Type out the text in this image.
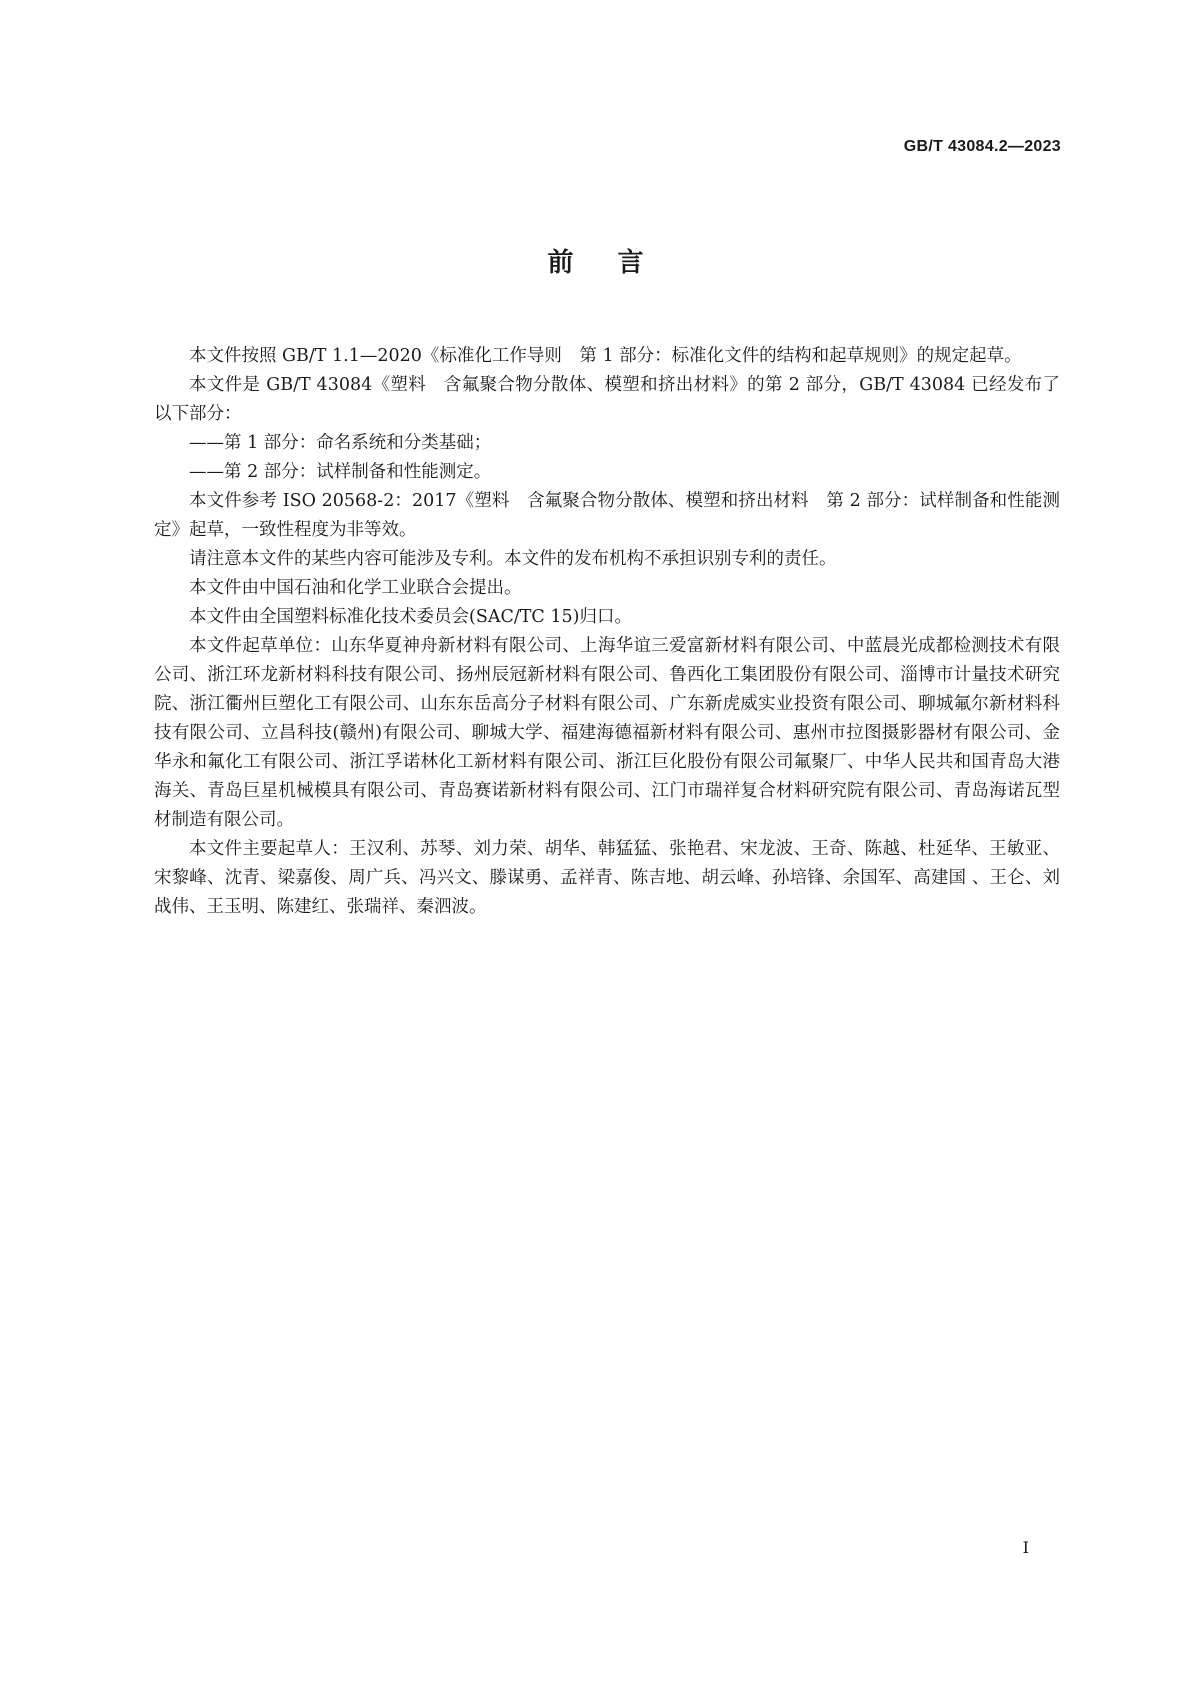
GB/T 43084.2—2023
前言

本文件按照 GB/T 1.1—2020《标准化工作导则　第 1 部分：标准化文件的结构和起草规则》的规定起草。

本文件是 GB/T 43084《塑料　含氟聚合物分散体、模塑和挤出材料》的第 2 部分，GB/T 43084 已经发布了以下部分：

——第 1 部分：命名系统和分类基础；

——第 2 部分：试样制备和性能测定。

本文件参考 ISO 20568-2：2017《塑料　含氟聚合物分散体、模塑和挤出材料　第 2 部分：试样制备和性能测定》起草，一致性程度为非等效。

请注意本文件的某些内容可能涉及专利。本文件的发布机构不承担识别专利的责任。

本文件由中国石油和化学工业联合会提出。

本文件由全国塑料标准化技术委员会(SAC/TC 15)归口。

本文件起草单位：山东华夏神舟新材料有限公司、上海华谊三爱富新材料有限公司、中蓝晨光成都检测技术有限公司、浙江环龙新材料科技有限公司、扬州辰冠新材料有限公司、鲁西化工集团股份有限公司、淄博市计量技术研究院、浙江衢州巨塑化工有限公司、山东东岳高分子材料有限公司、广东新虎威实业投资有限公司、聊城氟尔新材料科技有限公司、立昌科技(赣州)有限公司、聊城大学、福建海德福新材料有限公司、惠州市拉图摄影器材有限公司、金华永和氟化工有限公司、浙江孚诺林化工新材料有限公司、浙江巨化股份有限公司氟聚厂、中华人民共和国青岛大港海关、青岛巨星机械模具有限公司、青岛赛诺新材料有限公司、江门市瑞祥复合材料研究院有限公司、青岛海诺瓦型材制造有限公司。

本文件主要起草人：王汉利、苏琴、刘力荣、胡华、韩猛猛、张艳君、宋龙波、王奇、陈越、杜延华、王敏亚、宋黎峰、沈青、梁嘉俊、周广兵、冯兴文、滕谋勇、孟祥青、陈吉地、胡云峰、孙培锋、余国军、高建国 、王仑、刘战伟、王玉明、陈建红、张瑞祥、秦泗波。

I
